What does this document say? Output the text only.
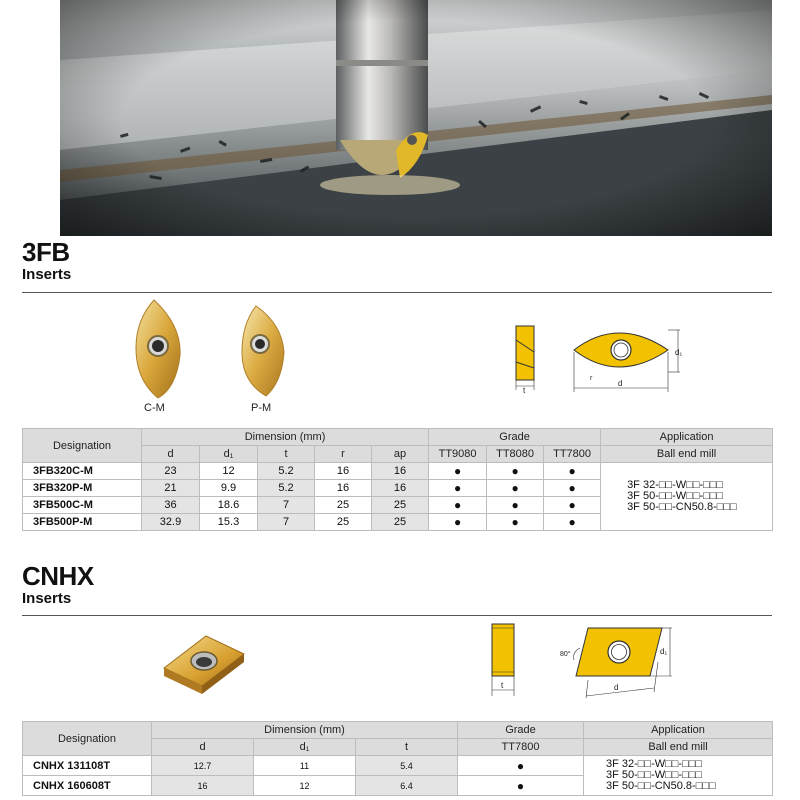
3FB
Inserts
C-M	P-M
t
d₁
d
r
Designation	Dimension (mm)					Grade			Application
	d	d₁	t	r	ap	TT9080	TT8080	TT7800	Ball end mill
3FB320C-M	23	12	5.2	16	16	●	●	●	3F 32-□□-W□□-□□□
3F 50-□□-W□□-□□□
3F 50-□□-CN50.8-□□□

3FB320P-M	21	9.9	5.2	16	16	●	●	●	
3FB500C-M	36	18.6	7	25	25	●	●	●	
3FB500P-M	32.9	15.3	7	25	25	●	●	●	
CNHX
Inserts
t
d₁
80°
d
Designation	Dimension (mm)			Grade	Application
	d	d₁	t	TT7800	Ball end mill
CNHX 131108T	12.7	11	5.4	●	3F 32-□□-W□□-□□□
3F 50-□□-W□□-□□□
3F 50-□□-CN50.8-□□□

CNHX 160608T	16	12	6.4	●	
